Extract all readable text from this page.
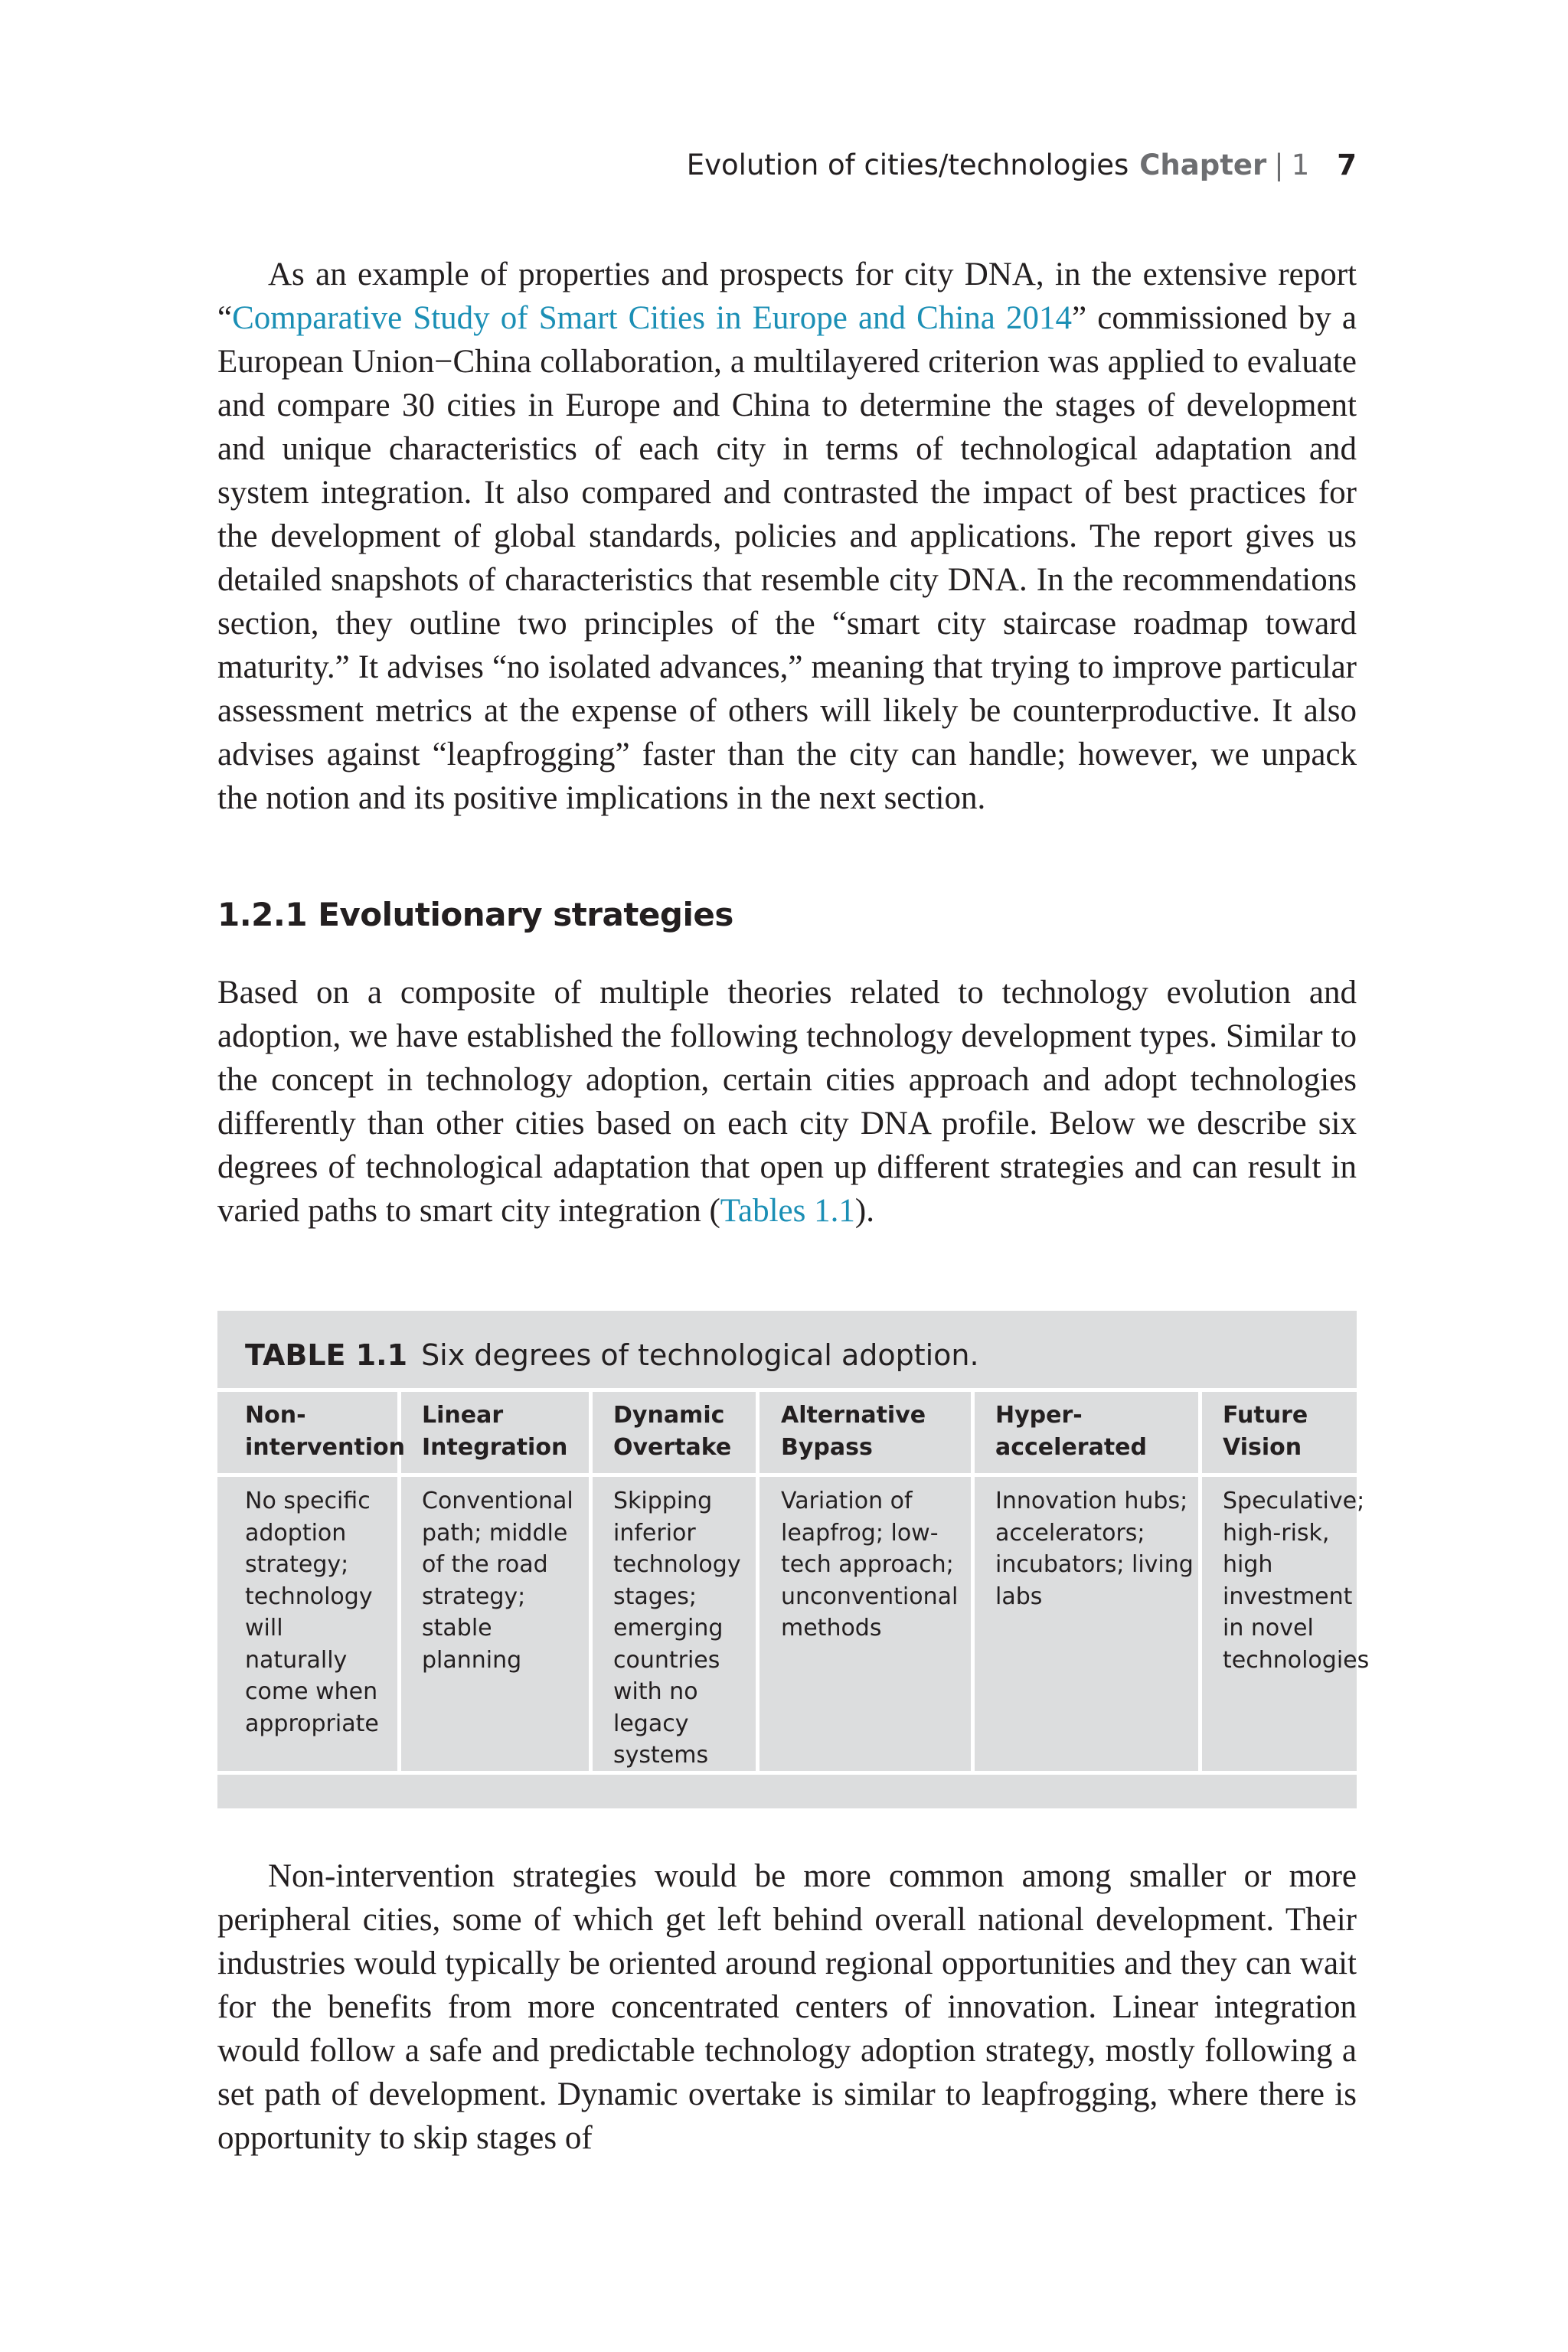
Evolution of cities/technologies Chapter | 1 7

As an example of properties and prospects for city DNA, in the extensive report “Comparative Study of Smart Cities in Europe and China 2014” commissioned by a European Union−China collaboration, a multilayered criterion was applied to evaluate and compare 30 cities in Europe and China to determine the stages of development and unique characteristics of each city in terms of technological adaptation and system integration. It also compared and contrasted the impact of best practices for the development of global standards, policies and applications. The report gives us detailed snapshots of characteristics that resemble city DNA. In the recommendations section, they outline two principles of the “smart city staircase roadmap toward maturity.” It advises “no isolated advances,” meaning that trying to improve particular assessment metrics at the expense of others will likely be counterproductive. It also advises against “leapfrogging” faster than the city can handle; however, we unpack the notion and its positive implications in the next section.

1.2.1 Evolutionary strategies

Based on a composite of multiple theories related to technology evolution and adoption, we have established the following technology development types. Similar to the concept in technology adoption, certain cities approach and adopt technologies differently than other cities based on each city DNA profile. Below we describe six degrees of technological adaptation that open up different strategies and can result in varied paths to smart city integration (Tables 1.1).

TABLE 1.1 Six degrees of technological adoption.

Non-
intervention

Linear
Integration

Dynamic
Overtake

Alternative
Bypass

Hyper-
accelerated

Future
Vision

No specific
adoption
strategy;
technology
will
naturally
come when
appropriate

Conventional
path; middle
of the road
strategy;
stable
planning

Skipping
inferior
technology
stages;
emerging
countries
with no
legacy
systems

Variation of
leapfrog; low-
tech approach;
unconventional
methods

Innovation hubs;
accelerators;
incubators; living
labs

Speculative;
high-risk,
high
investment
in novel
technologies

Non-intervention strategies would be more common among smaller or more peripheral cities, some of which get left behind overall national development. Their industries would typically be oriented around regional opportunities and they can wait for the benefits from more concentrated centers of innovation. Linear integration would follow a safe and predictable technology adoption strategy, mostly following a set path of development. Dynamic overtake is similar to leapfrogging, where there is opportunity to skip stages of
